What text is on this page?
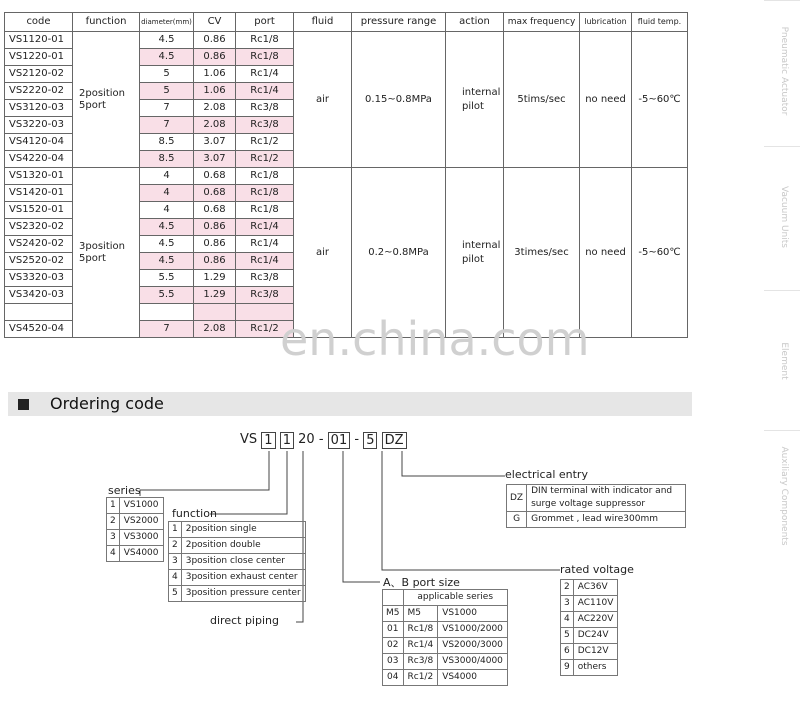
code	function	diameter(mm)	CV	port	fluid	pressure range	action	max frequency	lubrication	fluid temp.
VS1120-01	2position 5port	4.5	0.86	Rc1/8	air	0.15~0.8MPa	internal pilot	5tims/sec	no need	-5~60℃
VS1220-01		4.5	0.86	Rc1/8						
VS2120-02		5	1.06	Rc1/4						
VS2220-02		5	1.06	Rc1/4						
VS3120-03		7	2.08	Rc3/8						
VS3220-03		7	2.08	Rc3/8						
VS4120-04		8.5	3.07	Rc1/2						
VS4220-04		8.5	3.07	Rc1/2						
VS1320-01	3position 5port	4	0.68	Rc1/8	air	0.2~0.8MPa	internal pilot	3times/sec	no need	-5~60℃
VS1420-01		4	0.68	Rc1/8						
VS1520-01		4	0.68	Rc1/8						
VS2320-02		4.5	0.86	Rc1/4						
VS2420-02		4.5	0.86	Rc1/4						
VS2520-02		4.5	0.86	Rc1/4						
VS3320-03		5.5	1.29	Rc3/8						
VS3420-03		5.5	1.29	Rc3/8						

VS4520-04		7	2.08	Rc1/2						
Pneumatic Actuator
Vacuum Units
Element
Auxiliary Components
en.china.com
Ordering code
VS 1 1 20 - 01 - 5 DZ
series
1	VS1000
2	VS2000
3	VS3000
4	VS4000
function
1	2position single
2	2position double
3	3position close center
4	3position exhaust center
5	3position pressure center
direct piping
A、B port size
	applicable series	
M5	M5	VS1000
01	Rc1/8	VS1000/2000
02	Rc1/4	VS2000/3000
03	Rc3/8	VS3000/4000
04	Rc1/2	VS4000
electrical entry
DZ	DIN terminal with indicator and surge voltage suppressor
G	Grommet , lead wire300mm
rated voltage
2	AC36V
3	AC110V
4	AC220V
5	DC24V
6	DC12V
9	others
